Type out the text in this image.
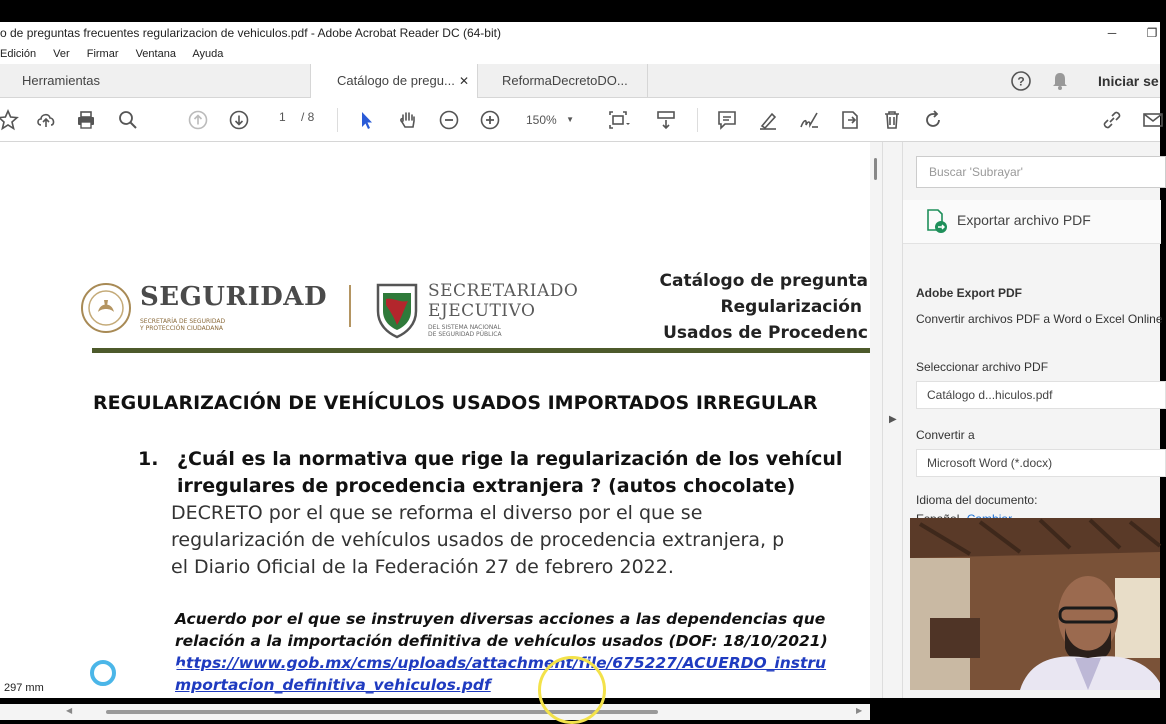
o de preguntas frecuentes regularizacion de vehiculos.pdf - Adobe Acrobat Reader DC (64-bit)	─	❐
Edición Ver Firmar Ventana Ayuda
Herramientas	Catálogo de pregu... ✕	ReformaDecretoDO...	?	Iniciar se
1 / 8	150% ▼
SEGURIDAD
SECRETARÍA DE SEGURIDAD
Y PROTECCIÓN CIUDADANA
SECRETARIADO
EJECUTIVO
DEL SISTEMA NACIONAL
DE SEGURIDAD PÚBLICA
Catálogo de pregunta
Regularización
Usados de Procedenc
REGULARIZACIÓN DE VEHÍCULOS USADOS IMPORTADOS IRREGULAR
1. ¿Cuál es la normativa que rige la regularización de los vehícul
irregulares de procedencia extranjera ? (autos chocolate)
DECRETO por el que se reforma el diverso por el que se
regularización de vehículos usados de procedencia extranjera, p
el Diario Oficial de la Federación 27 de febrero 2022.
Acuerdo por el que se instruyen diversas acciones a las dependencias que
relación a la importación definitiva de vehículos usados (DOF: 18/10/2021)
https://www.gob.mx/cms/uploads/attachment/file/675227/ACUERDO_instru
mportacion_definitiva_vehiculos.pdf
▶
Buscar 'Subrayar'
Exportar archivo PDF
Adobe Export PDF
Convertir archivos PDF a Word o Excel Online
Seleccionar archivo PDF
Catálogo d...hiculos.pdf
Convertir a
Microsoft Word (*.docx)
Idioma del documento:
◀	▶
297 mm
ED WITH
ENCAST	MATIC
